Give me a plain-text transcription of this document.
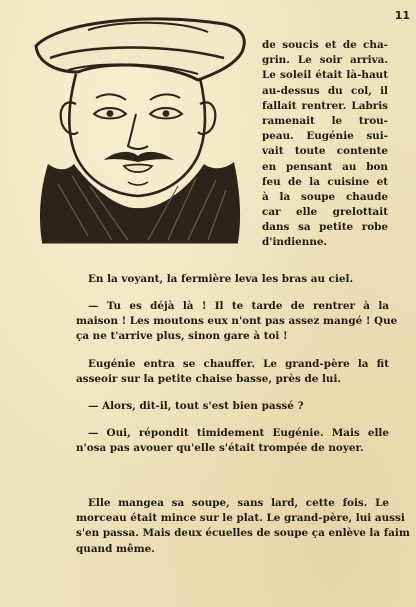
11
de soucis et de cha-
grin. Le soir arriva.
Le soleil était là-haut
au-dessus du col, il
fallait rentrer. Labris
ramenait le trou-
peau. Eugénie sui-
vait toute contente
en pensant au bon
feu de la cuisine et
à la soupe chaude
car elle grelottait
dans sa petite robe
d'indienne.
En la voyant, la fermière leva les bras au ciel.
— Tu es déjà là ! Il te tarde de rentrer à la
maison ! Les moutons eux n'ont pas assez mangé ! Que
ça ne t'arrive plus, sinon gare à toi !
Eugénie entra se chauffer. Le grand-père la fit
asseoir sur la petite chaise basse, près de lui.
— Alors, dit-il, tout s'est bien passé ?
— Oui, répondit timidement Eugénie. Mais elle
n'osa pas avouer qu'elle s'était trompée de noyer.
Elle mangea sa soupe, sans lard, cette fois. Le
morceau était mince sur le plat. Le grand-père, lui aussi
s'en passa. Mais deux écuelles de soupe ça enlève la faim
quand même.
